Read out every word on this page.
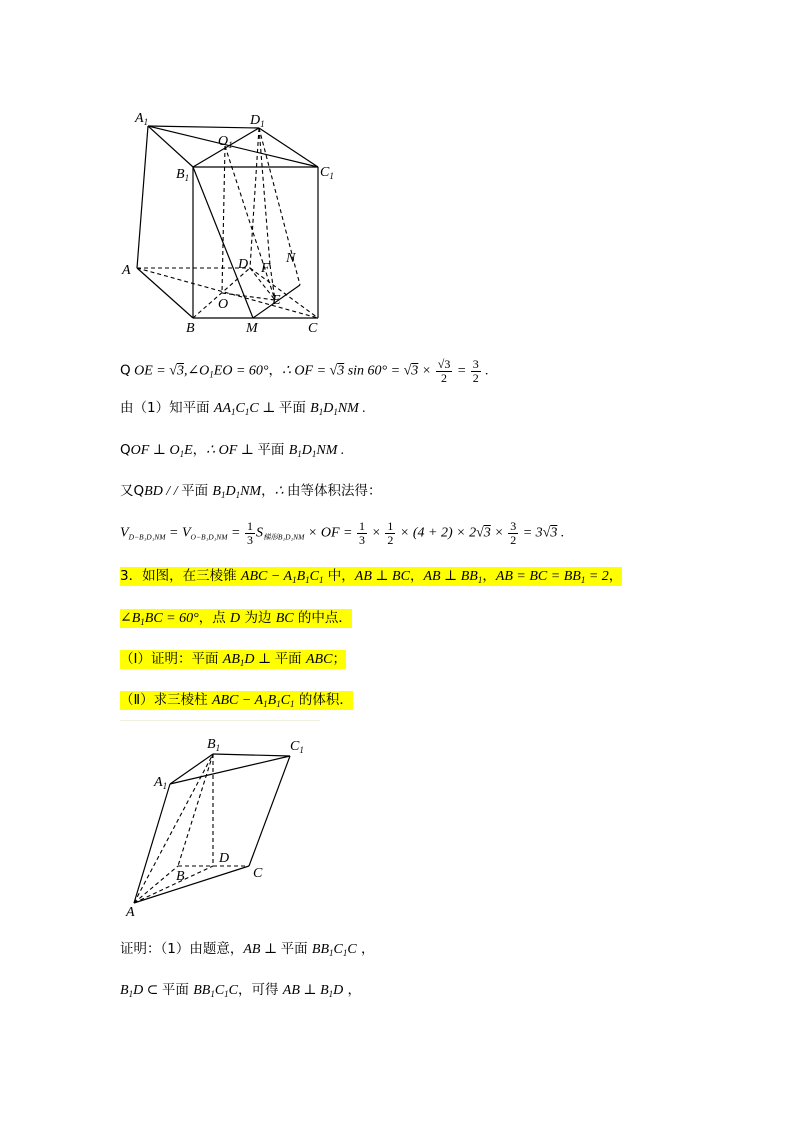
$A_1$	$D_1$
$O_1$
$B_1$	$C_1$
A	D F
N
O	E
B	M	C
Q OE = $√3,\angle O_1EO = 60^\circ$，∴ OF = √3 $\sin 60^\circ = √3 \times \frac{√3}{2} = \frac{3}{2}$ .
由（1）知平面 $AA_1C_1C$ ⊥ 平面 $B_1D_1NM$ .
QOF ⊥ $O_1E$，∴ OF ⊥ 平面 $B_1D_1NM$ .
又QBD / / 平面 $B_1D_1NM$，∴ 由等体积法得：
$V_{D-B_1D_1NM} = V_{O-B_1D_1NM} = \frac{1}{3} S_{梯形B_1D_1NM}$ × OF = $\frac{1}{3} \times \frac{1}{2} \times (4 + 2) \times 2√3 \times \frac{3}{2} = 3√3$ .
3．如图，在三棱锥 ABC − $A_1B_1C_1$ 中，AB ⊥ BC，AB ⊥ $BB_1$，AB = BC = $BB_1 = 2$，
$\angle B_1BC = 60^\circ$，点 D 为边 BC 的中点．
（Ⅰ）证明：平面 $AB_1D$ ⊥ 平面 ABC；
（Ⅱ）求三棱柱 ABC − $A_1B_1C_1$ 的体积．
$B_1$	$C_1$
$A_1$
D
B	C
A
证明：（1）由题意，AB ⊥ 平面 $BB_1C_1C$ ，
$B_1D$ ⊂ 平面 $BB_1C_1C$，可得 AB ⊥ $B_1D$ ，
